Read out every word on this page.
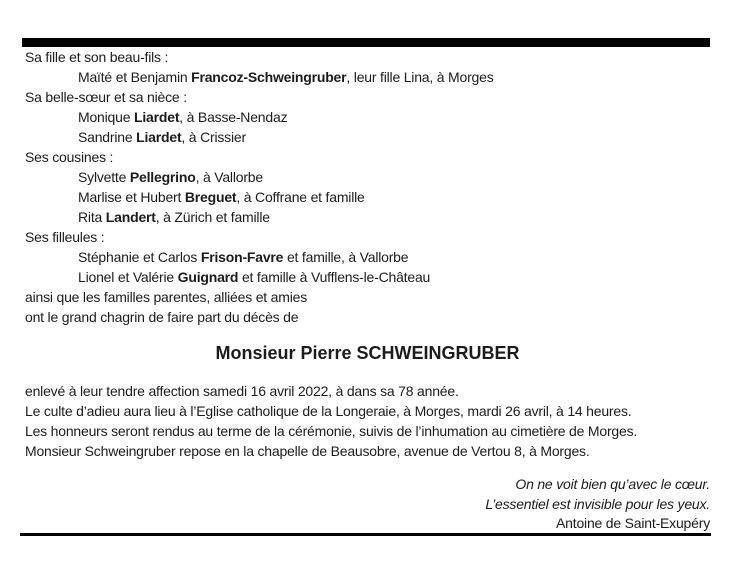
Sa fille et son beau-fils :
Maïté et Benjamin Francoz-Schweingruber, leur fille Lina, à Morges
Sa belle-sœur et sa nièce :
Monique Liardet, à Basse-Nendaz
Sandrine Liardet, à Crissier
Ses cousines :
Sylvette Pellegrino, à Vallorbe
Marlise et Hubert Breguet, à Coffrane et famille
Rita Landert, à Zürich et famille
Ses filleules :
Stéphanie et Carlos Frison-Favre et famille, à Vallorbe
Lionel et Valérie Guignard et famille à Vufflens-le-Château
ainsi que les familles parentes, alliées et amies
ont le grand chagrin de faire part du décès de
Monsieur Pierre SCHWEINGRUBER
enlevé à leur tendre affection samedi 16 avril 2022, à dans sa 78 année.
Le culte d’adieu aura lieu à l’Eglise catholique de la Longeraie, à Morges, mardi 26 avril, à 14 heures.
Les honneurs seront rendus au terme de la cérémonie, suivis de l’inhumation au cimetière de Morges.
Monsieur Schweingruber repose en la chapelle de Beausobre, avenue de Vertou 8, à Morges.
On ne voit bien qu’avec le cœur.
L’essentiel est invisible pour les yeux.
Antoine de Saint-Exupéry
